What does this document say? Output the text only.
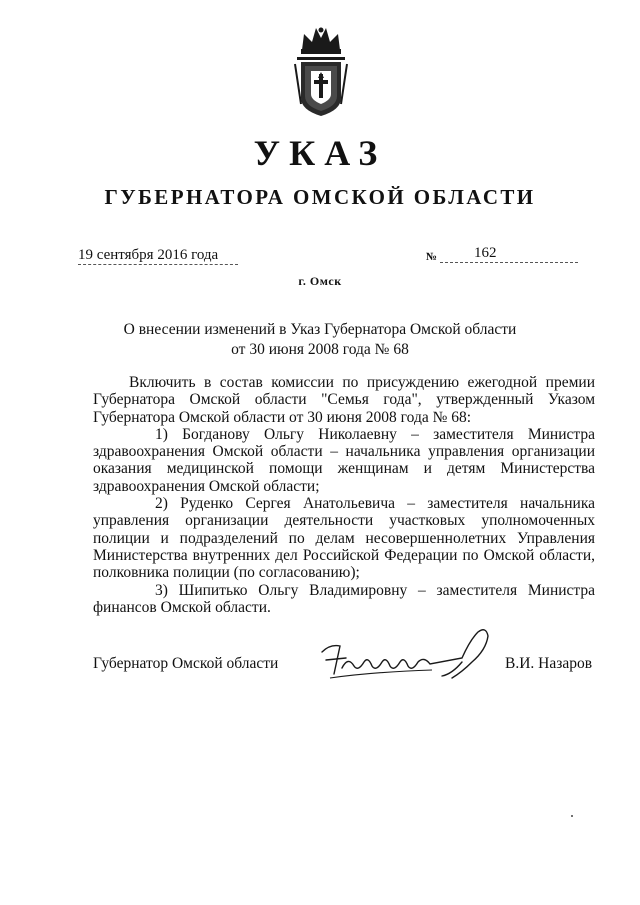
УКАЗ
ГУБЕРНАТОРА ОМСКОЙ ОБЛАСТИ
19 сентября 2016 года	№	162
г. Омск
О внесении изменений в Указ Губернатора Омской области
от 30 июня 2008 года № 68

Включить в состав комиссии по присуждению ежегодной премии Губернатора Омской области "Семья года", утвержденный Указом Губернатора Омской области от 30 июня 2008 года № 68:

1) Богданову Ольгу Николаевну – заместителя Министра здравоохранения Омской области – начальника управления организации оказания медицинской помощи женщинам и детям Министерства здравоохранения Омской области;

2) Руденко Сергея Анатольевича – заместителя начальника управления организации деятельности участковых уполномоченных полиции и подразделений по делам несовершеннолетних Управления Министерства внутренних дел Российской Федерации по Омской области, полковника полиции (по согласованию);

3) Шипитько Ольгу Владимировну – заместителя Министра финансов Омской области.

Губернатор Омской области	В.И. Назаров
